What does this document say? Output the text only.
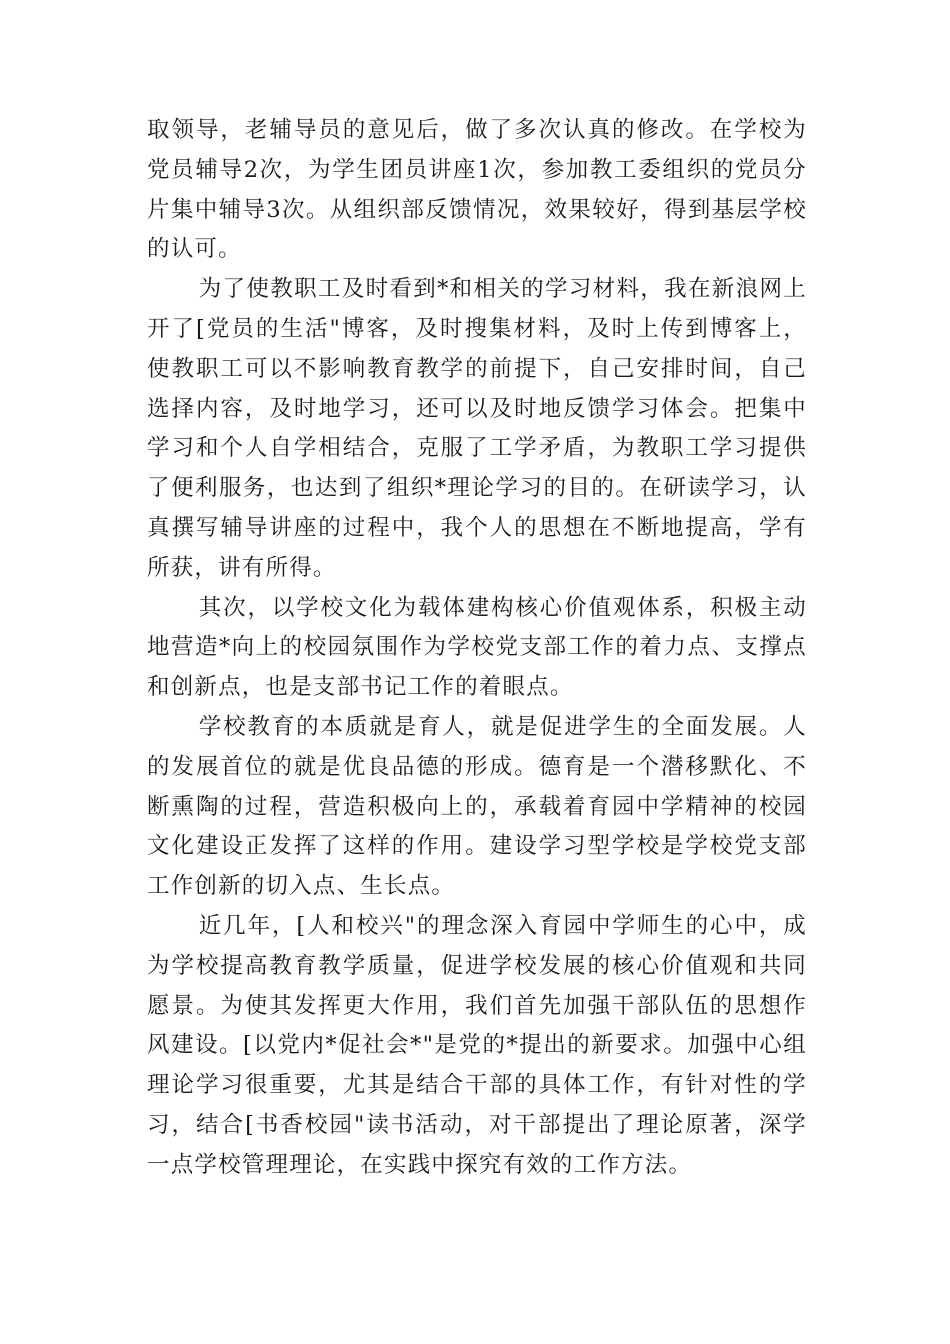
取领导，老辅导员的意见后，做了多次认真的修改。在学校为党员辅导2次，为学生团员讲座1次，参加教工委组织的党员分片集中辅导3次。从组织部反馈情况，效果较好，得到基层学校的认可。

为了使教职工及时看到*和相关的学习材料，我在新浪网上开了[党员的生活"博客，及时搜集材料，及时上传到博客上，使教职工可以不影响教育教学的前提下，自己安排时间，自己选择内容，及时地学习，还可以及时地反馈学习体会。把集中学习和个人自学相结合，克服了工学矛盾，为教职工学习提供了便利服务，也达到了组织*理论学习的目的。在研读学习，认真撰写辅导讲座的过程中，我个人的思想在不断地提高，学有所获，讲有所得。

其次，以学校文化为载体建构核心价值观体系，积极主动地营造*向上的校园氛围作为学校党支部工作的着力点、支撑点和创新点，也是支部书记工作的着眼点。

学校教育的本质就是育人，就是促进学生的全面发展。人的发展首位的就是优良品德的形成。德育是一个潜移默化、不断熏陶的过程，营造积极向上的，承载着育园中学精神的校园文化建设正发挥了这样的作用。建设学习型学校是学校党支部工作创新的切入点、生长点。

近几年，[人和校兴"的理念深入育园中学师生的心中，成为学校提高教育教学质量，促进学校发展的核心价值观和共同愿景。为使其发挥更大作用，我们首先加强干部队伍的思想作风建设。[以党内*促社会*"是党的*提出的新要求。加强中心组理论学习很重要，尤其是结合干部的具体工作，有针对性的学习，结合[书香校园"读书活动，对干部提出了理论原著，深学一点学校管理理论，在实践中探究有效的工作方法。
